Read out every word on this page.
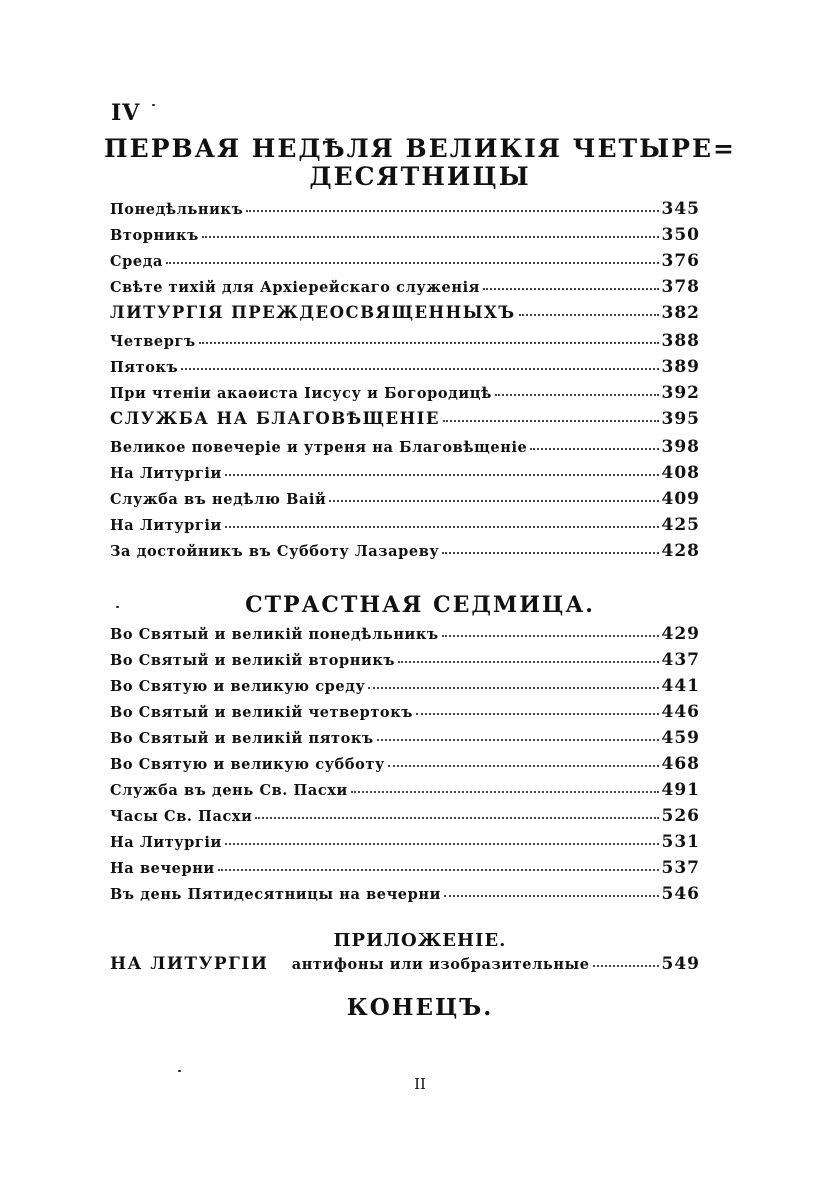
IV
ПЕРВАЯ НЕДѢЛЯ ВЕЛИКІЯ ЧЕТЫРЕ=
ДЕСЯТНИЦЫ
Понедѣльникъ	345
Вторникъ	350
Среда	376
Свѣте тихій для Архіерейскаго служенія	378
ЛИТУРГІЯ ПРЕЖДЕОСВЯЩЕННЫХЪ	382
Четвергъ	388
Пятокъ	389
При чтеніи акаѳиста Іисусу и Богородицѣ	392
СЛУЖБА НА БЛАГОВѢЩЕНІЕ	395
Великое повечеріе и утреня на Благовѣщеніе	398
На Литургіи	408
Служба въ недѣлю Ваій	409
На Литургіи	425
За достойникъ въ Субботу Лазареву	428
СТРАСТНАЯ СЕДМИЦА.
Во Святый и великій понедѣльникъ	429
Во Святый и великій вторникъ	437
Во Святую и великую среду	441
Во Святый и великій четвертокъ	446
Во Святый и великій пятокъ	459
Во Святую и великую субботу	468
Служба въ день Св. Пасхи	491
Часы Св. Пасхи	526
На Литургіи	531
На вечерни	537
Въ день Пятидесятницы на вечерни	546
ПРИЛОЖЕНІЕ.
НА ЛИТУРГІИ антифоны или изобразительные	549
КОНЕЦЪ.
II
